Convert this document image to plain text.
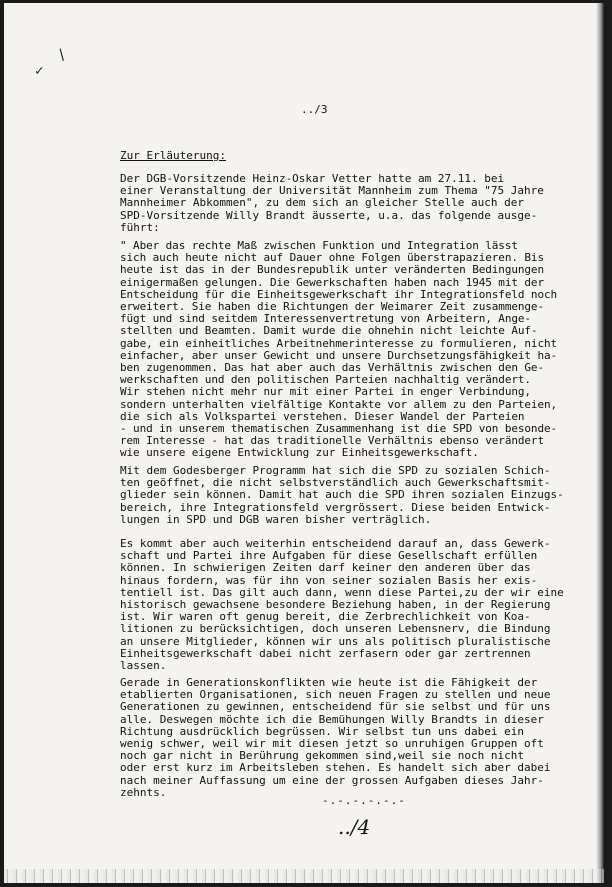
/
✓
../3
Zur Erläuterung:
Der DGB-Vorsitzende Heinz-Oskar Vetter hatte am 27.11. bei
einer Veranstaltung der Universität Mannheim zum Thema "75 Jahre
Mannheimer Abkommen", zu dem sich an gleicher Stelle auch der
SPD-Vorsitzende Willy Brandt äusserte, u.a. das folgende ausge-
führt:
" Aber das rechte Maß zwischen Funktion und Integration lässt
sich auch heute nicht auf Dauer ohne Folgen überstrapazieren. Bis
heute ist das in der Bundesrepublik unter veränderten Bedingungen
einigermaßen gelungen. Die Gewerkschaften haben nach 1945 mit der
Entscheidung für die Einheitsgewerkschaft ihr Integrationsfeld noch
erweitert. Sie haben die Richtungen der Weimarer Zeit zusammenge-
fügt und sind seitdem Interessenvertretung von Arbeitern, Ange-
stellten und Beamten. Damit wurde die ohnehin nicht leichte Auf-
gabe, ein einheitliches Arbeitnehmerinteresse zu formulieren, nicht
einfacher, aber unser Gewicht und unsere Durchsetzungsfähigkeit ha-
ben zugenommen. Das hat aber auch das Verhältnis zwischen den Ge-
werkschaften und den politischen Parteien nachhaltig verändert.
Wir stehen nicht mehr nur mit einer Partei in enger Verbindung,
sondern unterhalten vielfältige Kontakte vor allem zu den Parteien,
die sich als Volkspartei verstehen. Dieser Wandel der Parteien
- und in unserem thematischen Zusammenhang ist die SPD von besonde-
rem Interesse - hat das traditionelle Verhältnis ebenso verändert
wie unsere eigene Entwicklung zur Einheitsgewerkschaft.
Mit dem Godesberger Programm hat sich die SPD zu sozialen Schich-
ten geöffnet, die nicht selbstverständlich auch Gewerkschaftsmit-
glieder sein können. Damit hat auch die SPD ihren sozialen Einzugs-
bereich, ihre Integrationsfeld vergrössert. Diese beiden Entwick-
lungen in SPD und DGB waren bisher verträglich.
Es kommt aber auch weiterhin entscheidend darauf an, dass Gewerk-
schaft und Partei ihre Aufgaben für diese Gesellschaft erfüllen
können. In schwierigen Zeiten darf keiner den anderen über das
hinaus fordern, was für ihn von seiner sozialen Basis her exis-
tentiell ist. Das gilt auch dann, wenn diese Partei,zu der wir eine
historisch gewachsene besondere Beziehung haben, in der Regierung
ist. Wir waren oft genug bereit, die Zerbrechlichkeit von Koa-
litionen zu berücksichtigen, doch unseren Lebensnerv, die Bindung
an unsere Mitglieder, können wir uns als politisch pluralistische
Einheitsgewerkschaft dabei nicht zerfasern oder gar zertrennen
lassen.
Gerade in Generationskonflikten wie heute ist die Fähigkeit der
etablierten Organisationen, sich neuen Fragen zu stellen und neue
Generationen zu gewinnen, entscheidend für sie selbst und für uns
alle. Deswegen möchte ich die Bemühungen Willy Brandts in dieser
Richtung ausdrücklich begrüssen. Wir selbst tun uns dabei ein
wenig schwer, weil wir mit diesen jetzt so unruhigen Gruppen oft
noch gar nicht in Berührung gekommen sind,weil sie noch nicht
oder erst kurz im Arbeitsleben stehen. Es handelt sich aber dabei
nach meiner Auffassung um eine der grossen Aufgaben dieses Jahr-
zehnts.
-.-.-.-.-.-
../4
